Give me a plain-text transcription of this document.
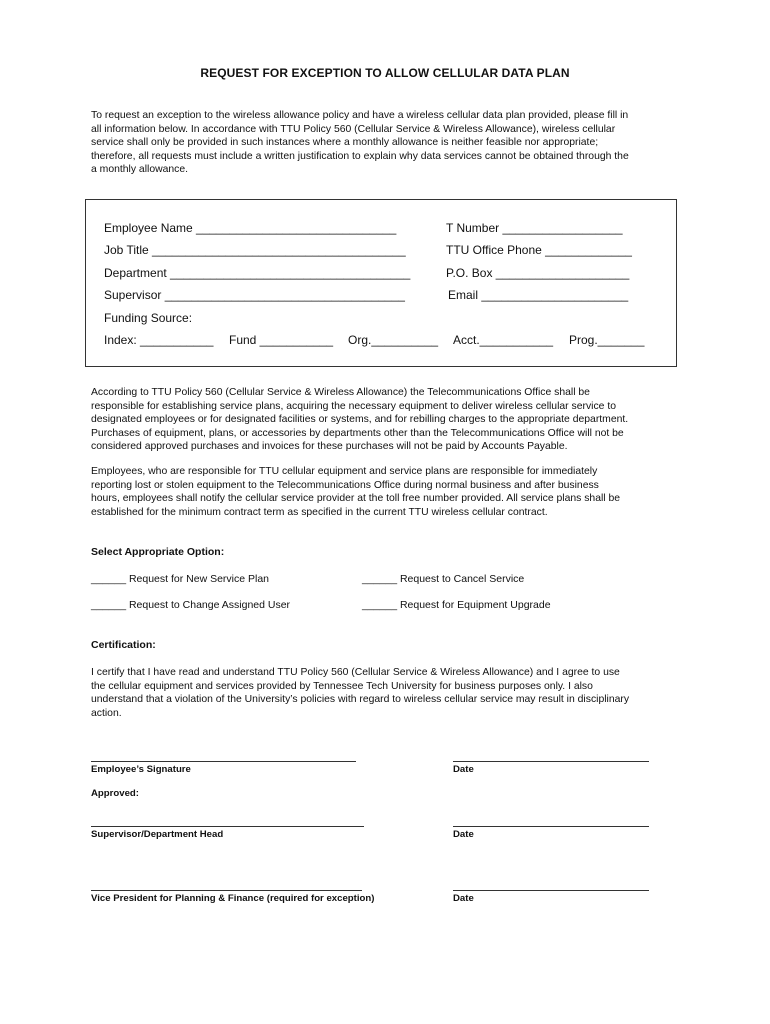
REQUEST FOR EXCEPTION TO ALLOW CELLULAR DATA PLAN

To request an exception to the wireless allowance policy and have a wireless cellular data plan provided, please fill in

all information below. In accordance with TTU Policy 560 (Cellular Service & Wireless Allowance), wireless cellular

service shall only be provided in such instances where a monthly allowance is neither feasible nor appropriate;

therefore, all requests must include a written justification to explain why data services cannot be obtained through the

a monthly allowance.

Employee Name ______________________________	T Number __________________
Job Title ______________________________________	TTU Office Phone _____________
Department ____________________________________	P.O. Box ____________________
Supervisor ____________________________________	Email ______________________
Funding Source:
Index: ___________ Fund ___________ Org.__________ Acct.___________ Prog._______

According to TTU Policy 560 (Cellular Service & Wireless Allowance) the Telecommunications Office shall be

responsible for establishing service plans, acquiring the necessary equipment to deliver wireless cellular service to

designated employees or for designated facilities or systems, and for rebilling charges to the appropriate department.

Purchases of equipment, plans, or accessories by departments other than the Telecommunications Office will not be

considered approved purchases and invoices for these purchases will not be paid by Accounts Payable.

Employees, who are responsible for TTU cellular equipment and service plans are responsible for immediately

reporting lost or stolen equipment to the Telecommunications Office during normal business and after business

hours, employees shall notify the cellular service provider at the toll free number provided. All service plans shall be

established for the minimum contract term as specified in the current TTU wireless cellular contract.

Select Appropriate Option:
______ Request for New Service Plan	______ Request to Cancel Service
______ Request to Change Assigned User	______ Request for Equipment Upgrade
Certification:

I certify that I have read and understand TTU Policy 560 (Cellular Service & Wireless Allowance) and I agree to use

the cellular equipment and services provided by Tennessee Tech University for business purposes only. I also

understand that a violation of the University’s policies with regard to wireless cellular service may result in disciplinary

action.

Employee’s Signature	Date
Approved:
Supervisor/Department Head	Date
Vice President for Planning & Finance (required for exception)	Date
